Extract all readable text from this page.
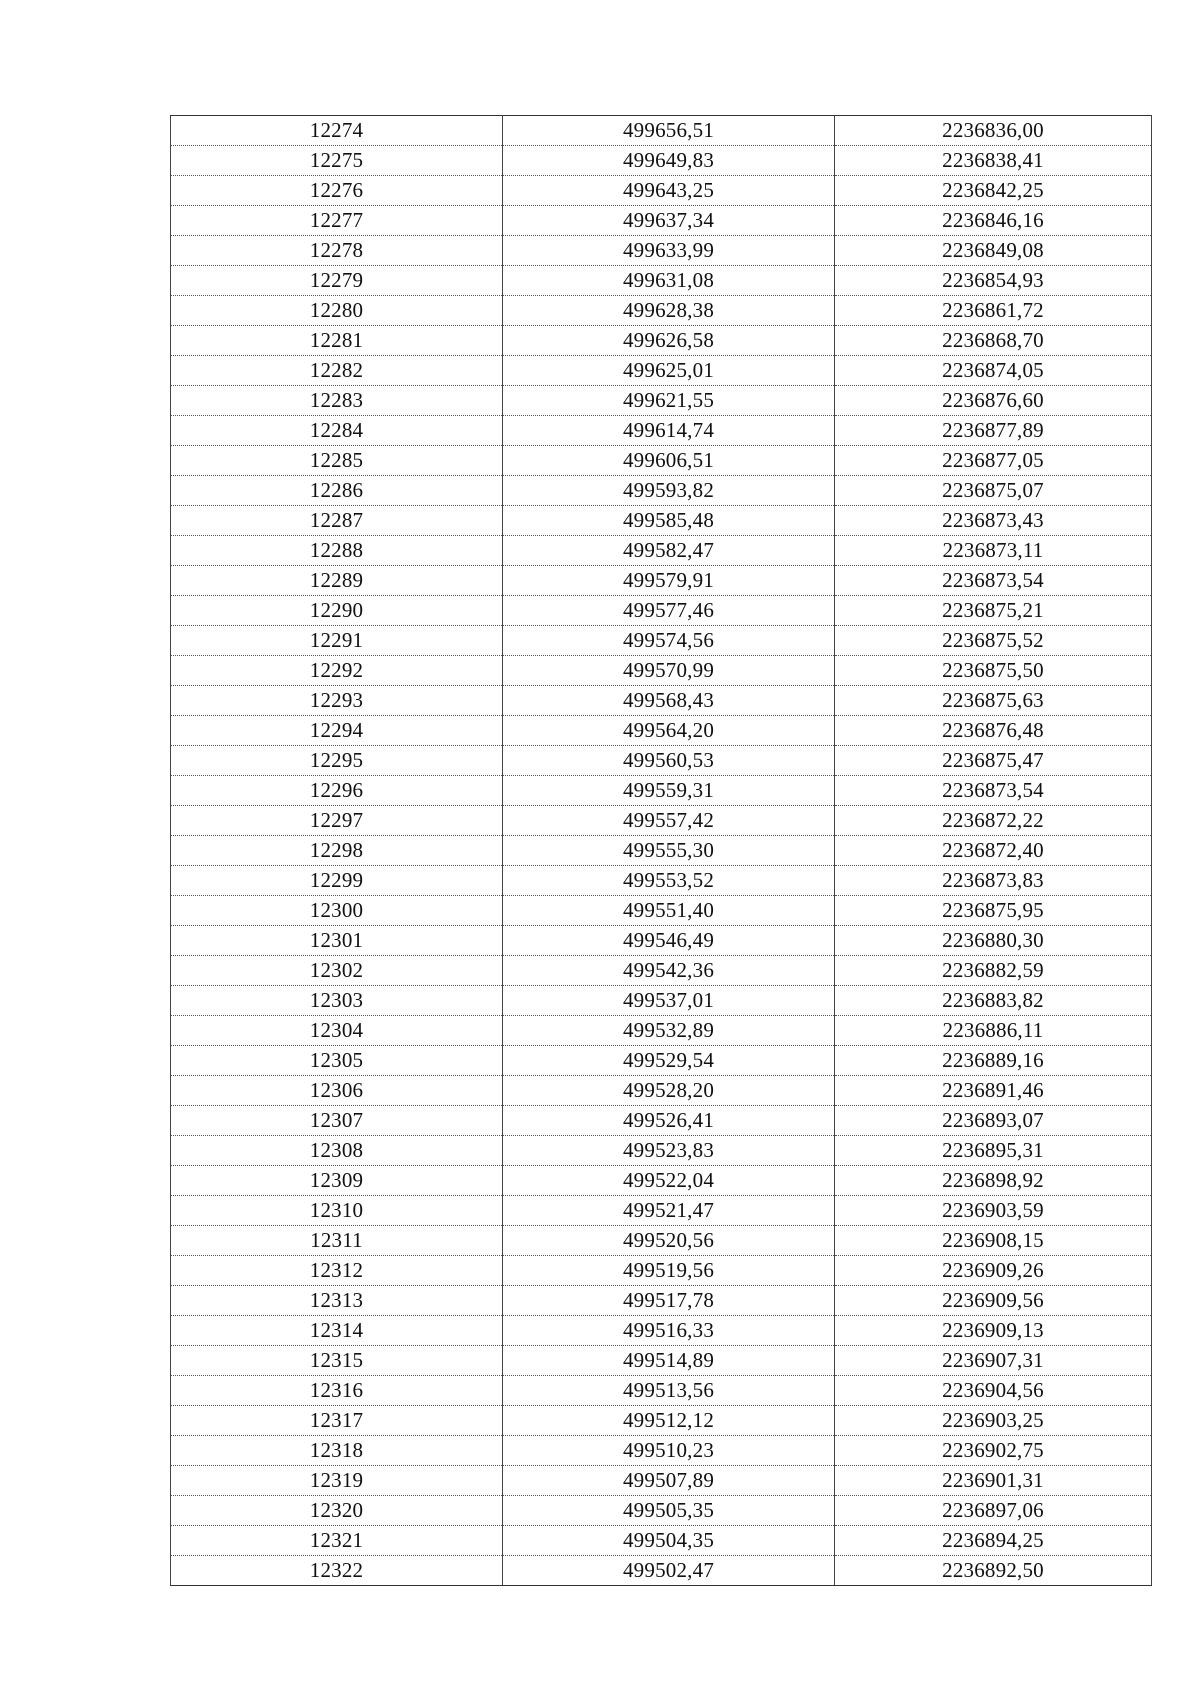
12274	499656,51	2236836,00
12275	499649,83	2236838,41
12276	499643,25	2236842,25
12277	499637,34	2236846,16
12278	499633,99	2236849,08
12279	499631,08	2236854,93
12280	499628,38	2236861,72
12281	499626,58	2236868,70
12282	499625,01	2236874,05
12283	499621,55	2236876,60
12284	499614,74	2236877,89
12285	499606,51	2236877,05
12286	499593,82	2236875,07
12287	499585,48	2236873,43
12288	499582,47	2236873,11
12289	499579,91	2236873,54
12290	499577,46	2236875,21
12291	499574,56	2236875,52
12292	499570,99	2236875,50
12293	499568,43	2236875,63
12294	499564,20	2236876,48
12295	499560,53	2236875,47
12296	499559,31	2236873,54
12297	499557,42	2236872,22
12298	499555,30	2236872,40
12299	499553,52	2236873,83
12300	499551,40	2236875,95
12301	499546,49	2236880,30
12302	499542,36	2236882,59
12303	499537,01	2236883,82
12304	499532,89	2236886,11
12305	499529,54	2236889,16
12306	499528,20	2236891,46
12307	499526,41	2236893,07
12308	499523,83	2236895,31
12309	499522,04	2236898,92
12310	499521,47	2236903,59
12311	499520,56	2236908,15
12312	499519,56	2236909,26
12313	499517,78	2236909,56
12314	499516,33	2236909,13
12315	499514,89	2236907,31
12316	499513,56	2236904,56
12317	499512,12	2236903,25
12318	499510,23	2236902,75
12319	499507,89	2236901,31
12320	499505,35	2236897,06
12321	499504,35	2236894,25
12322	499502,47	2236892,50
